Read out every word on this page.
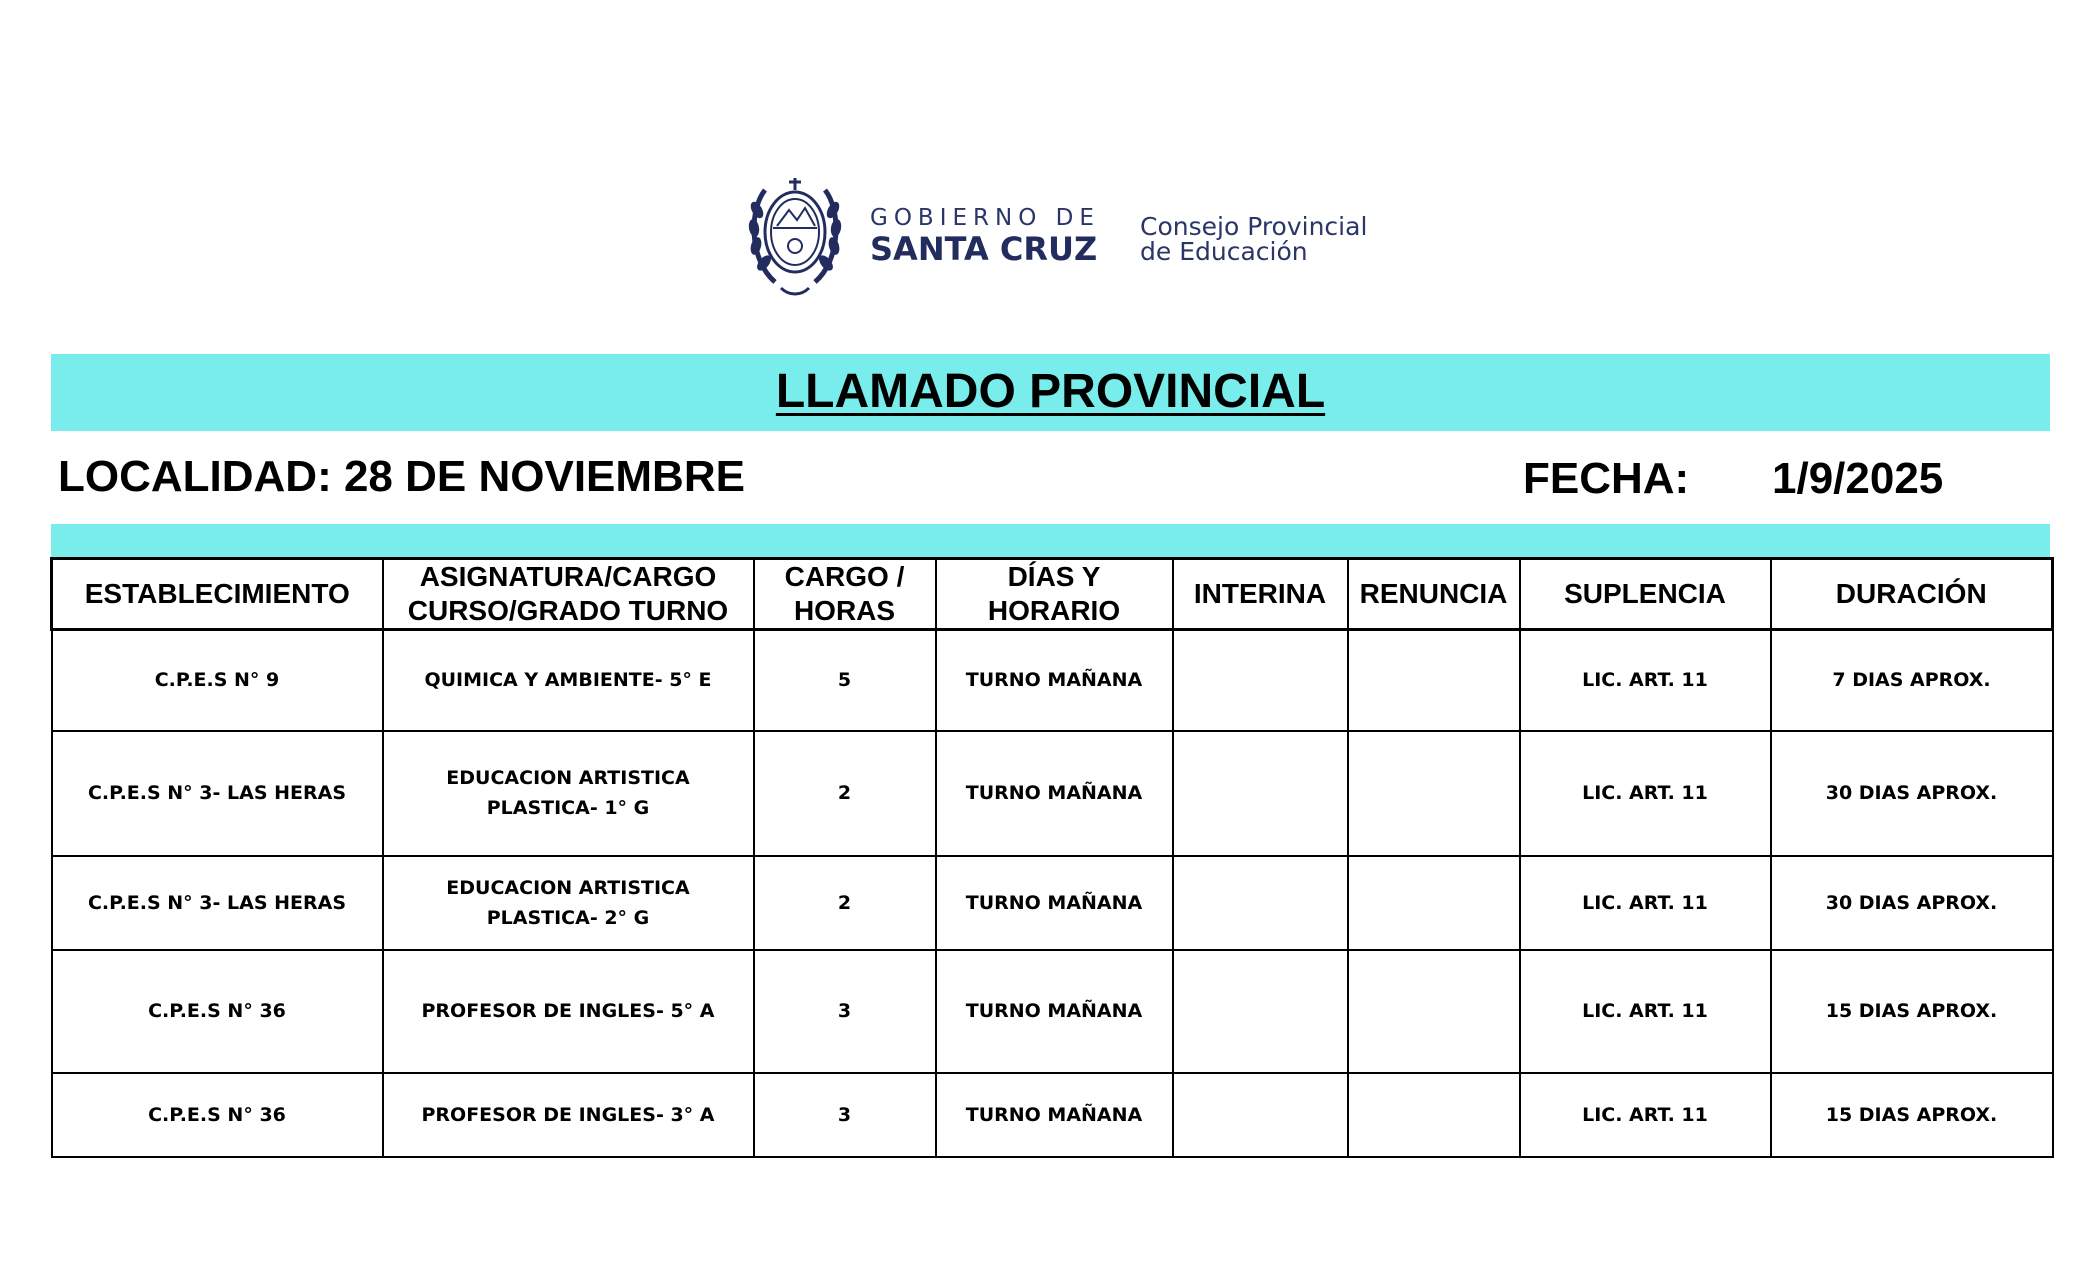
GOBIERNO DE
SANTA CRUZ
Consejo Provincial
de Educación
LLAMADO PROVINCIAL
LOCALIDAD: 28 DE NOVIEMBRE	FECHA: 1/9/2025
ESTABLECIMIENTO	ASIGNATURA/CARGO CURSO/GRADO TURNO	CARGO / HORAS	DÍAS Y HORARIO	INTERINA	RENUNCIA	SUPLENCIA	DURACIÓN
C.P.E.S N° 9	QUIMICA Y AMBIENTE- 5° E	5	TURNO MAÑANA			LIC. ART. 11	7 DIAS APROX.
C.P.E.S N° 3- LAS HERAS	EDUCACION ARTISTICA PLASTICA- 1° G	2	TURNO MAÑANA			LIC. ART. 11	30 DIAS APROX.
C.P.E.S N° 3- LAS HERAS	EDUCACION ARTISTICA PLASTICA- 2° G	2	TURNO MAÑANA			LIC. ART. 11	30 DIAS APROX.
C.P.E.S N° 36	PROFESOR DE INGLES- 5° A	3	TURNO MAÑANA			LIC. ART. 11	15 DIAS APROX.
C.P.E.S N° 36	PROFESOR DE INGLES- 3° A	3	TURNO MAÑANA			LIC. ART. 11	15 DIAS APROX.
